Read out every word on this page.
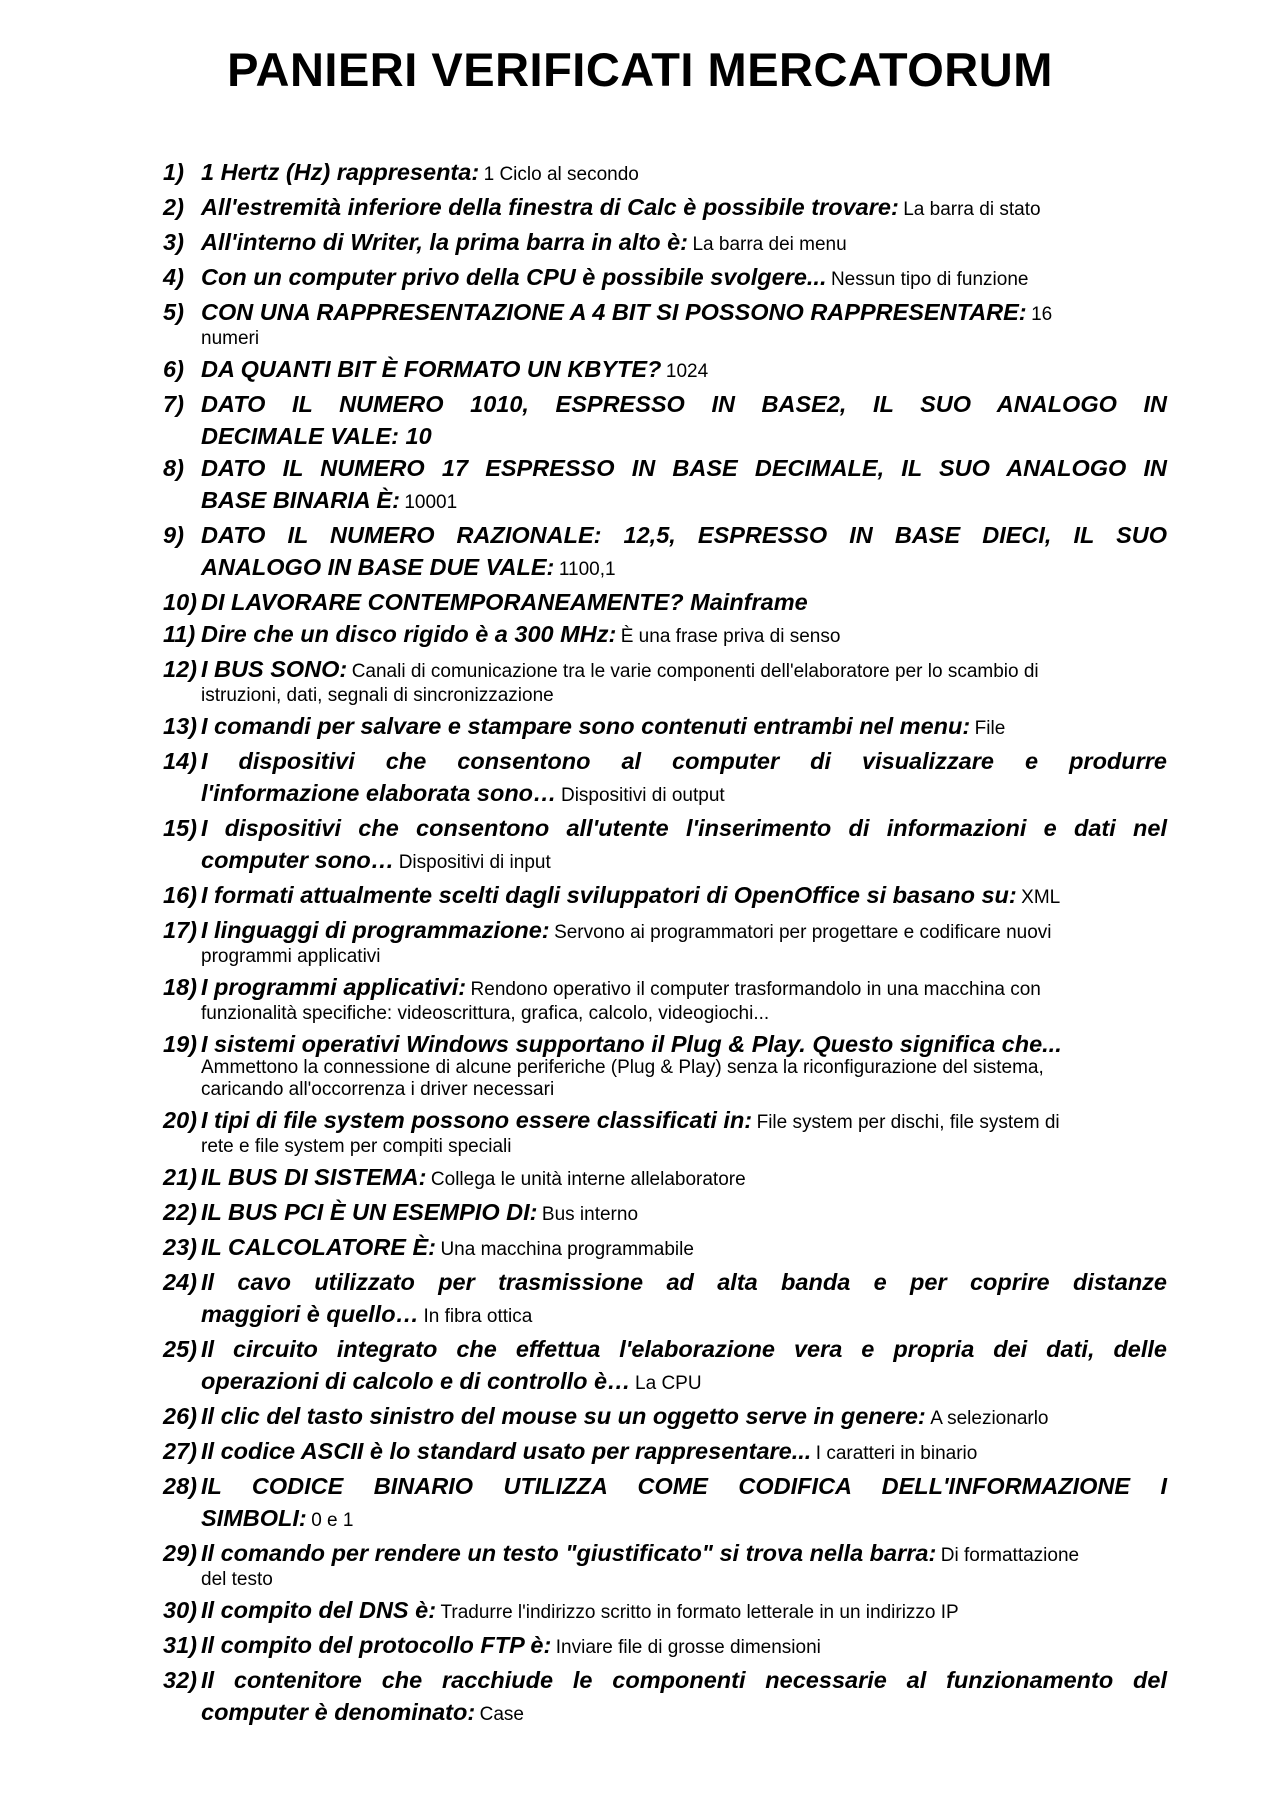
PANIERI VERIFICATI MERCATORUM
1) 1 Hertz (Hz) rappresenta: 1 Ciclo al secondo
2) All'estremità inferiore della finestra di Calc è possibile trovare: La barra di stato
3) All'interno di Writer, la prima barra in alto è: La barra dei menu
4) Con un computer privo della CPU è possibile svolgere... Nessun tipo di funzione
5) CON UNA RAPPRESENTAZIONE A 4 BIT SI POSSONO RAPPRESENTARE: 16
numeri
6) DA QUANTI BIT È FORMATO UN KBYTE? 1024
7) DATO IL NUMERO 1010, ESPRESSO IN BASE2, IL SUO ANALOGO IN
DECIMALE VALE: 10
8) DATO IL NUMERO 17 ESPRESSO IN BASE DECIMALE, IL SUO ANALOGO IN
BASE BINARIA È: 10001
9) DATO IL NUMERO RAZIONALE: 12,5, ESPRESSO IN BASE DIECI, IL SUO
ANALOGO IN BASE DUE VALE: 1100,1
10) DI LAVORARE CONTEMPORANEAMENTE? Mainframe
11) Dire che un disco rigido è a 300 MHz: È una frase priva di senso
12) I BUS SONO: Canali di comunicazione tra le varie componenti dell'elaboratore per lo scambio di
istruzioni, dati, segnali di sincronizzazione
13) I comandi per salvare e stampare sono contenuti entrambi nel menu: File
14) I dispositivi che consentono al computer di visualizzare e produrre
l'informazione elaborata sono… Dispositivi di output
15) I dispositivi che consentono all'utente l'inserimento di informazioni e dati nel
computer sono… Dispositivi di input
16) I formati attualmente scelti dagli sviluppatori di OpenOffice si basano su: XML
17) I linguaggi di programmazione: Servono ai programmatori per progettare e codificare nuovi
programmi applicativi
18) I programmi applicativi: Rendono operativo il computer trasformandolo in una macchina con
funzionalità specifiche: videoscrittura, grafica, calcolo, videogiochi...
19) I sistemi operativi Windows supportano il Plug & Play. Questo significa che...
Ammettono la connessione di alcune periferiche (Plug & Play) senza la riconfigurazione del sistema,
caricando all'occorrenza i driver necessari
20) I tipi di file system possono essere classificati in: File system per dischi, file system di
rete e file system per compiti speciali
21) IL BUS DI SISTEMA: Collega le unità interne allelaboratore
22) IL BUS PCI È UN ESEMPIO DI: Bus interno
23) IL CALCOLATORE È: Una macchina programmabile
24) Il cavo utilizzato per trasmissione ad alta banda e per coprire distanze
maggiori è quello… In fibra ottica
25) Il circuito integrato che effettua l'elaborazione vera e propria dei dati, delle
operazioni di calcolo e di controllo è… La CPU
26) Il clic del tasto sinistro del mouse su un oggetto serve in genere: A selezionarlo
27) Il codice ASCII è lo standard usato per rappresentare... I caratteri in binario
28) IL CODICE BINARIO UTILIZZA COME CODIFICA DELL'INFORMAZIONE I
SIMBOLI: 0 e 1
29) Il comando per rendere un testo "giustificato" si trova nella barra: Di formattazione
del testo
30) Il compito del DNS è: Tradurre l'indirizzo scritto in formato letterale in un indirizzo IP
31) Il compito del protocollo FTP è: Inviare file di grosse dimensioni
32) Il contenitore che racchiude le componenti necessarie al funzionamento del
computer è denominato: Case
